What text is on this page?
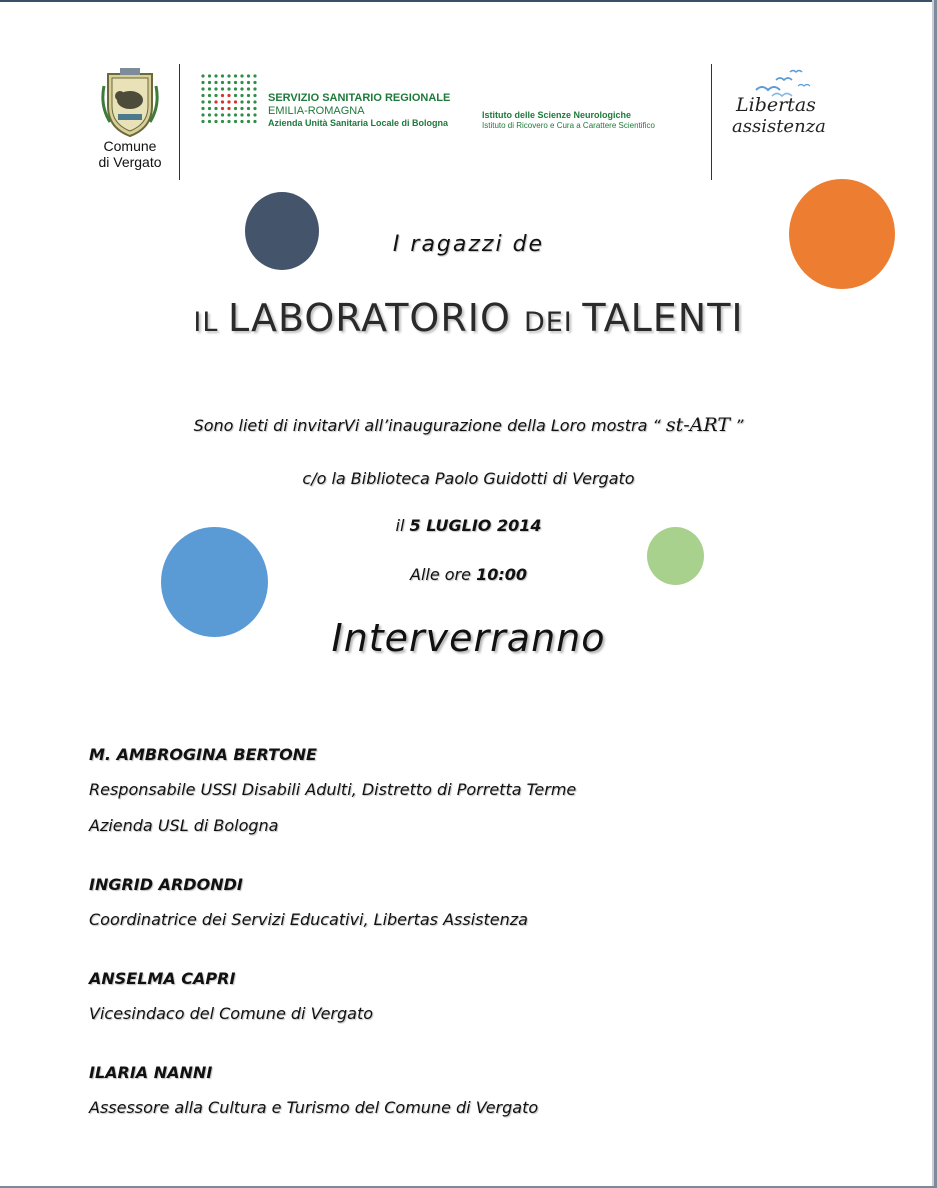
Comune
di Vergato
SERVIZIO SANITARIO REGIONALE
EMILIA-ROMAGNA
Azienda Unità Sanitaria Locale di Bologna
Istituto delle Scienze Neurologiche
Istituto di Ricovero e Cura a Carattere Scientifico
Libertas
assistenza
I ragazzi de
IL LABORATORIO DEI TALENTI
Sono lieti di invitarVi all’inaugurazione della Loro mostra “ st-ART ”
c/o la Biblioteca Paolo Guidotti di Vergato
il 5 LUGLIO 2014
Alle ore 10:00
Interverranno
M. AMBROGINA BERTONE
Responsabile USSI Disabili Adulti, Distretto di Porretta Terme
Azienda USL di Bologna
INGRID ARDONDI
Coordinatrice dei Servizi Educativi, Libertas Assistenza
ANSELMA CAPRI
Vicesindaco del Comune di Vergato
ILARIA NANNI
Assessore alla Cultura e Turismo del Comune di Vergato
